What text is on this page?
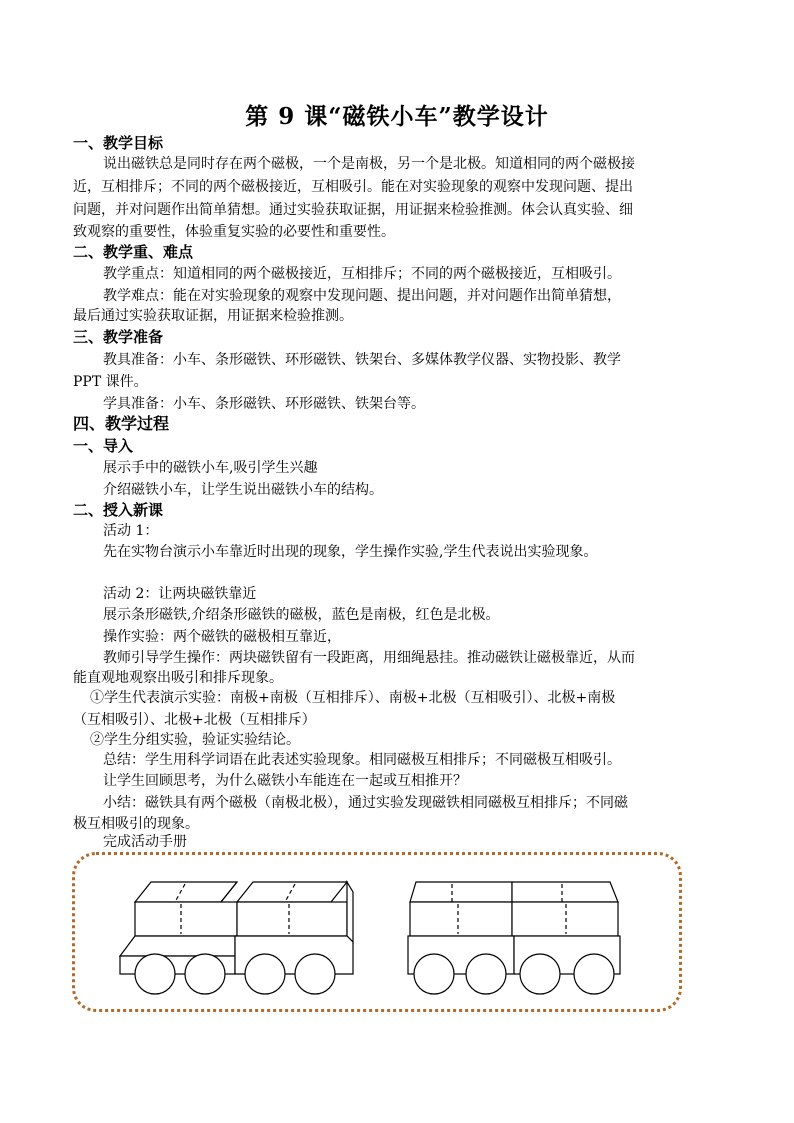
第 9 课“磁铁小车”教学设计
一、教学目标
说出磁铁总是同时存在两个磁极，一个是南极，另一个是北极。知道相同的两个磁极接
近，互相排斥；不同的两个磁极接近，互相吸引。能在对实验现象的观察中发现问题、提出
问题，并对问题作出简单猜想。通过实验获取证据，用证据来检验推测。体会认真实验、细
致观察的重要性，体验重复实验的必要性和重要性。
二、教学重、难点
教学重点：知道相同的两个磁极接近，互相排斥；不同的两个磁极接近，互相吸引。
教学难点：能在对实验现象的观察中发现问题、提出问题，并对问题作出简单猜想，
最后通过实验获取证据，用证据来检验推测。
三、教学准备
教具准备：小车、条形磁铁、环形磁铁、铁架台、多媒体教学仪器、实物投影、教学
PPT 课件。
学具准备：小车、条形磁铁、环形磁铁、铁架台等。
四、教学过程
一、导入
展示手中的磁铁小车,吸引学生兴趣
介绍磁铁小车，让学生说出磁铁小车的结构。
二、授入新课
活动 1：
先在实物台演示小车靠近时出现的现象，学生操作实验,学生代表说出实验现象。
活动 2：让两块磁铁靠近
展示条形磁铁,介绍条形磁铁的磁极，蓝色是南极，红色是北极。
操作实验：两个磁铁的磁极相互靠近，
教师引导学生操作：两块磁铁留有一段距离，用细绳悬挂。推动磁铁让磁极靠近，从而
能直观地观察出吸引和排斥现象。
①学生代表演示实验：南极+南极（互相排斥）、南极+北极（互相吸引）、北极+南极
（互相吸引）、北极+北极（互相排斥）
②学生分组实验，验证实验结论。
总结：学生用科学词语在此表述实验现象。相同磁极互相排斥；不同磁极互相吸引。
让学生回顾思考，为什么磁铁小车能连在一起或互相推开？
小结：磁铁具有两个磁极（南极北极），通过实验发现磁铁相同磁极互相排斥；不同磁
极互相吸引的现象。
完成活动手册
